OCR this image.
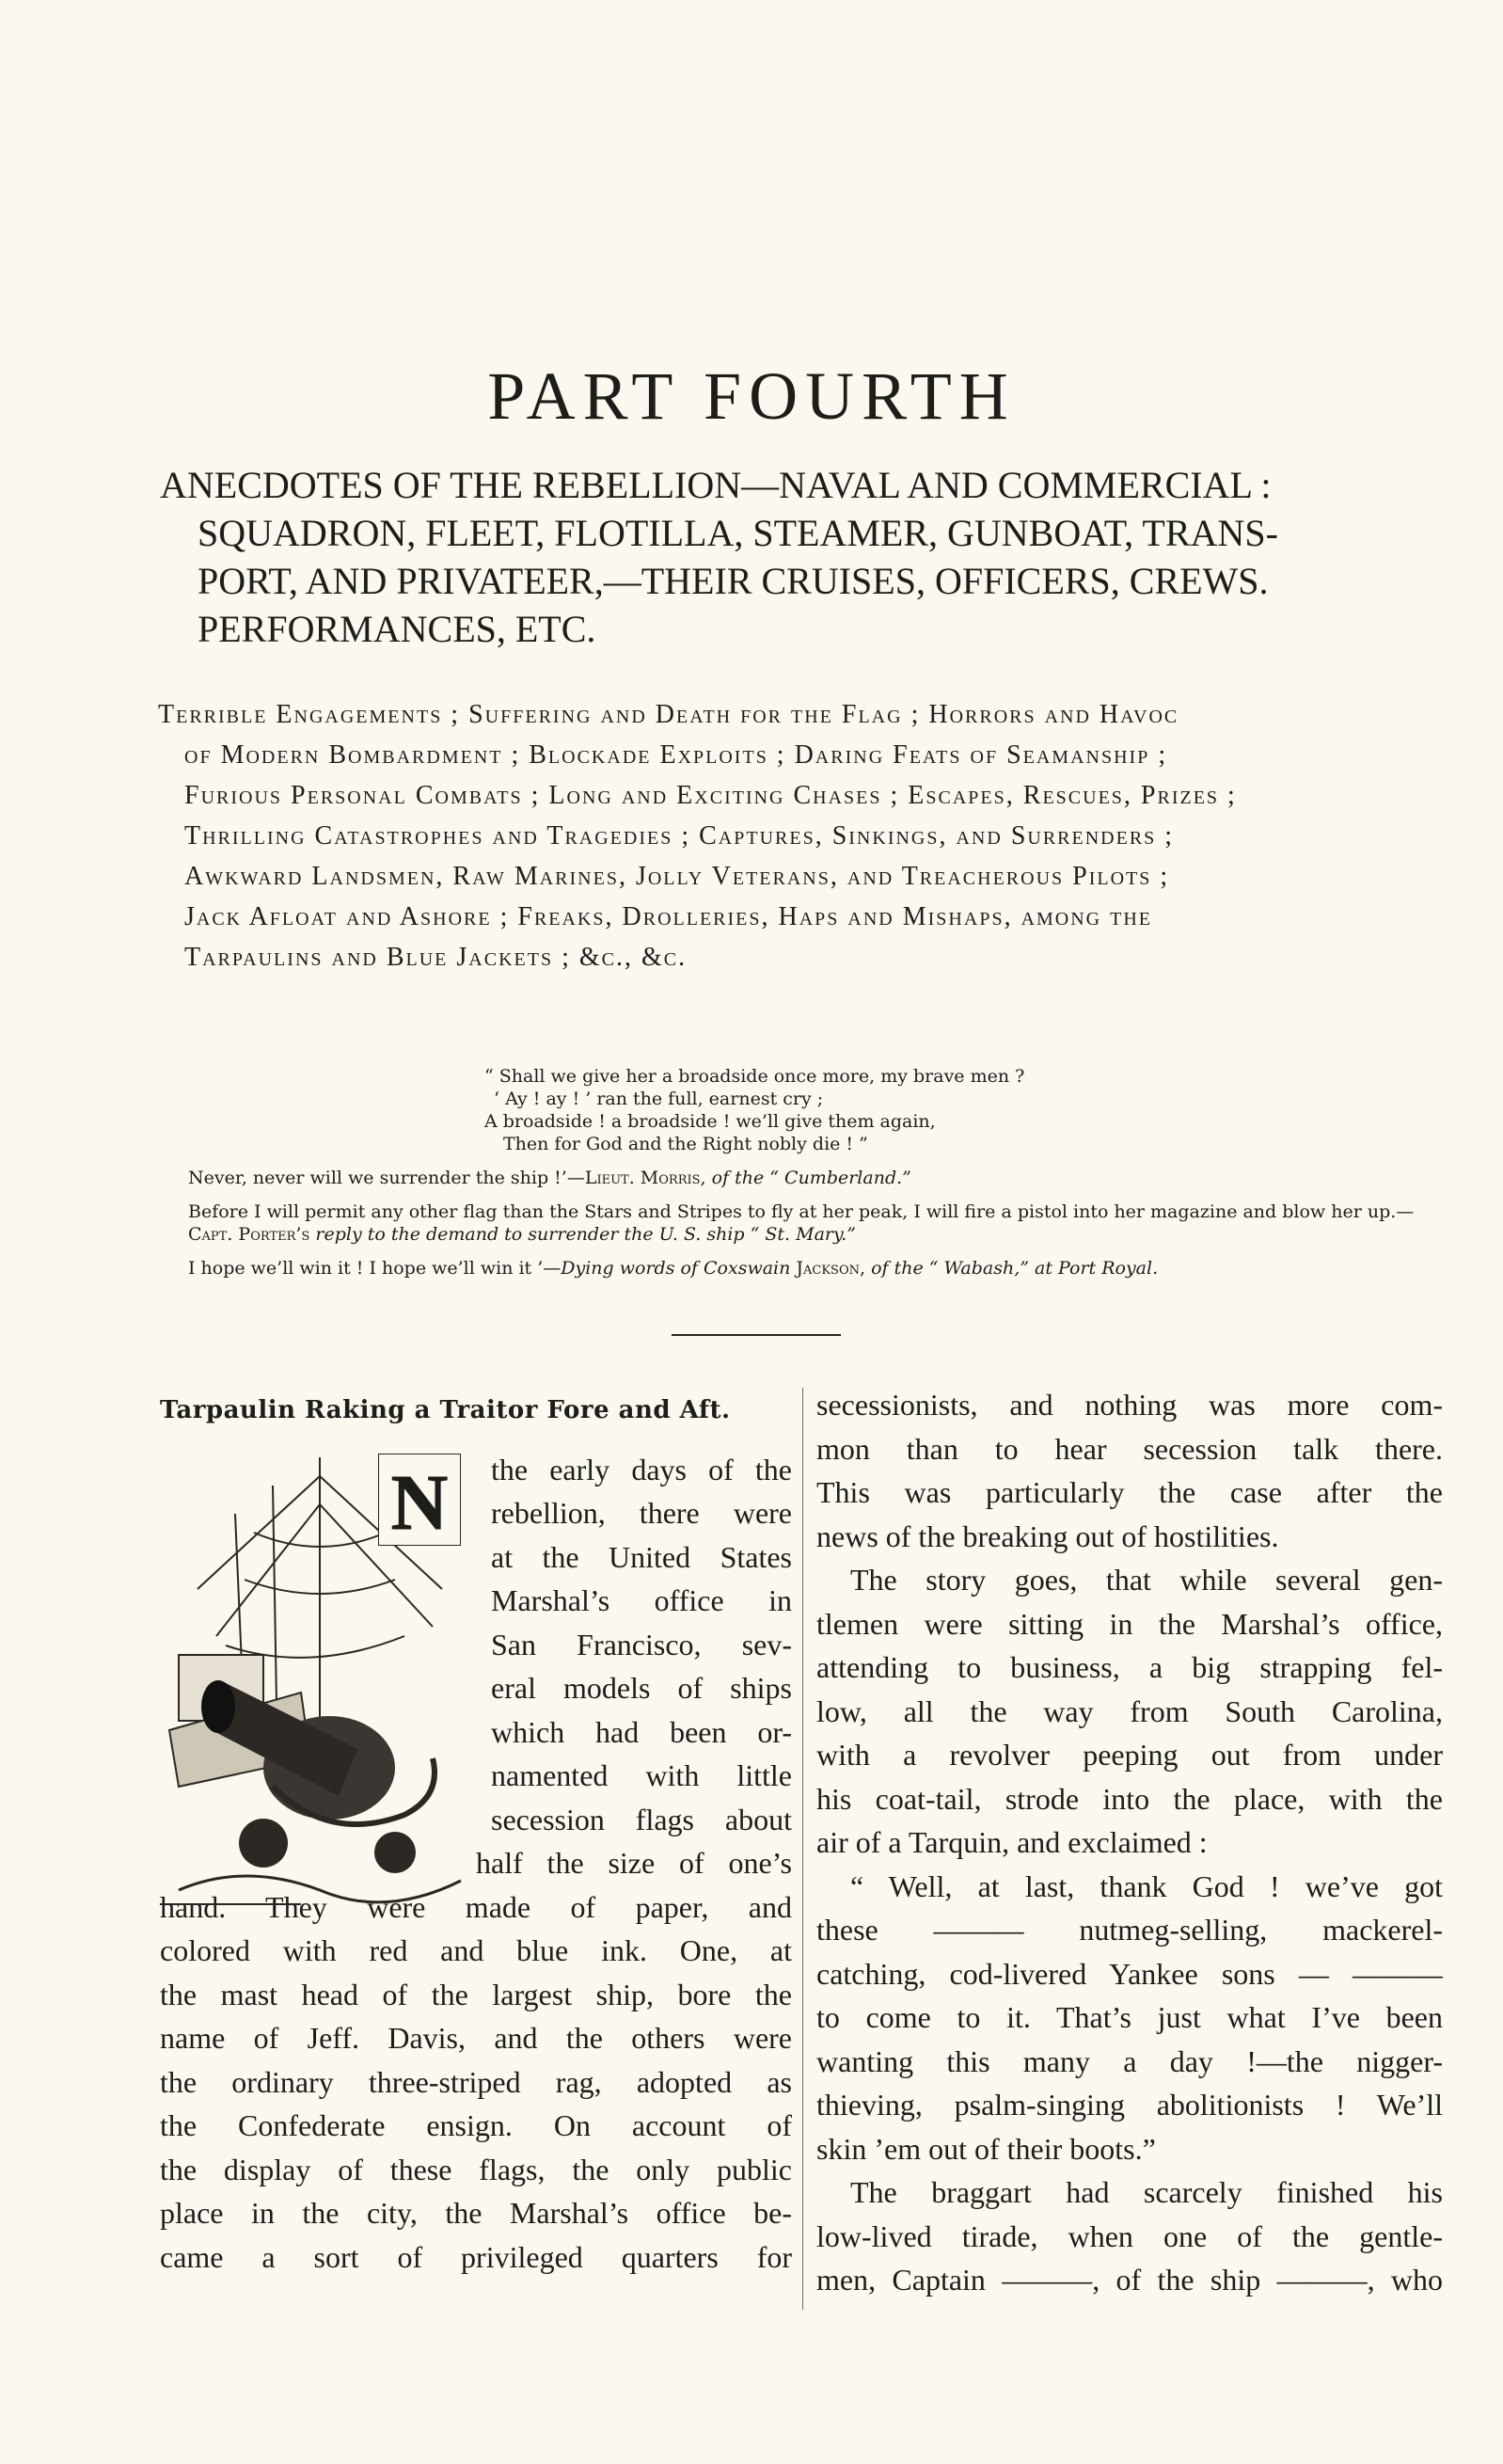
PART FOURTH
ANECDOTES OF THE REBELLION—NAVAL AND COMMERCIAL :
SQUADRON, FLEET, FLOTILLA, STEAMER, GUNBOAT, TRANS-
PORT, AND PRIVATEER,—THEIR CRUISES, OFFICERS, CREWS.
PERFORMANCES, ETC.
Terrible Engagements ; Suffering and Death for the Flag ; Horrors and Havoc
of Modern Bombardment ; Blockade Exploits ; Daring Feats of Seamanship ;
Furious Personal Combats ; Long and Exciting Chases ; Escapes, Rescues, Prizes ;
Thrilling Catastrophes and Tragedies ; Captures, Sinkings, and Surrenders ;
Awkward Landsmen, Raw Marines, Jolly Veterans, and Treacherous Pilots ;
Jack Afloat and Ashore ; Freaks, Drolleries, Haps and Mishaps, among the
Tarpaulins and Blue Jackets ; &c., &c.
“ Shall we give her a broadside once more, my brave men ?
‘ Ay ! ay ! ’ ran the full, earnest cry ;
A broadside ! a broadside ! we’ll give them again,
Then for God and the Right nobly die ! ”
Never, never will we surrender the ship !’—Lieut. Morris, of the “ Cumberland.”
Before I will permit any other flag than the Stars and Stripes to fly at her peak, I will fire a pistol into her magazine and blow her up.—Capt. Porter’s reply to the demand to surrender the U. S. ship “ St. Mary.”
I hope we’ll win it ! I hope we’ll win it ’—Dying words of Coxswain Jackson, of the “ Wabash,” at Port Royal.
Tarpaulin Raking a Traitor Fore and Aft.
N the early days of the
rebellion, there were
at the United States
Marshal’s office in
San Francisco, sev-
eral models of ships
which had been or-
namented with little
secession flags about
half the size of one’s
hand. They were made of paper, and
colored with red and blue ink. One, at
the mast head of the largest ship, bore the
name of Jeff. Davis, and the others were
the ordinary three-striped rag, adopted as
the Confederate ensign. On account of
the display of these flags, the only public
place in the city, the Marshal’s office be-
came a sort of privileged quarters for
secessionists, and nothing was more com-
mon than to hear secession talk there.
This was particularly the case after the
news of the breaking out of hostilities.
The story goes, that while several gen-
tlemen were sitting in the Marshal’s office,
attending to business, a big strapping fel-
low, all the way from South Carolina,
with a revolver peeping out from under
his coat-tail, strode into the place, with the
air of a Tarquin, and exclaimed :
“ Well, at last, thank God ! we’ve got
these ——— nutmeg-selling, mackerel-
catching, cod-livered Yankee sons — ———
to come to it. That’s just what I’ve been
wanting this many a day !—the nigger-
thieving, psalm-singing abolitionists ! We’ll
skin ’em out of their boots.”
The braggart had scarcely finished his
low-lived tirade, when one of the gentle-
men, Captain ———, of the ship ———, who
